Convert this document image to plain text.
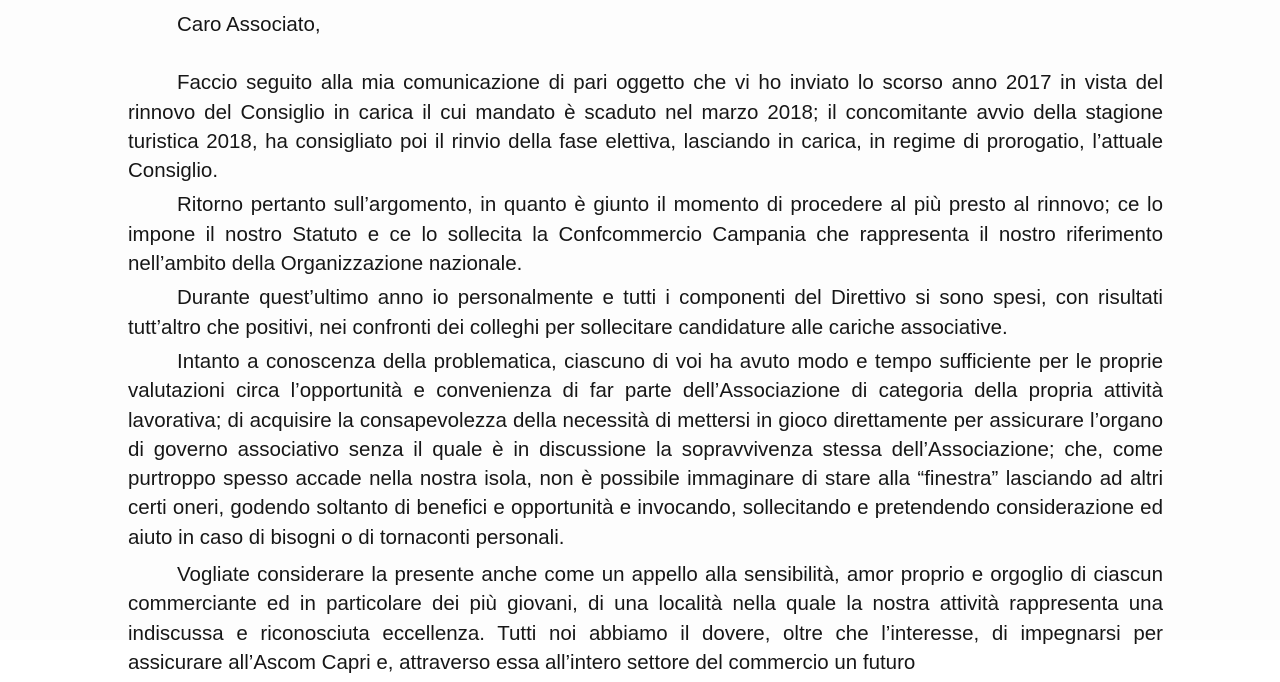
Caro Associato,

Faccio seguito alla mia comunicazione di pari oggetto che vi ho inviato lo scorso anno 2017 in vista del rinnovo del Consiglio in carica il cui mandato è scaduto nel marzo 2018; il concomitante avvio della stagione turistica 2018, ha consigliato poi il rinvio della fase elettiva, lasciando in carica, in regime di prorogatio, l’attuale Consiglio.

Ritorno pertanto sull’argomento, in quanto è giunto il momento di procedere al più presto al rinnovo; ce lo impone il nostro Statuto e ce lo sollecita la Confcommercio Campania che rappresenta il nostro riferimento nell’ambito della Organizzazione nazionale.

Durante quest’ultimo anno io personalmente e tutti i componenti del Direttivo si sono spesi, con risultati tutt’altro che positivi, nei confronti dei colleghi per sollecitare candidature alle cariche associative.

Intanto a conoscenza della problematica, ciascuno di voi ha avuto modo e tempo sufficiente per le proprie valutazioni circa l’opportunità e convenienza di far parte dell’Associazione di categoria della propria attività lavorativa; di acquisire la consapevolezza della necessità di mettersi in gioco direttamente per assicurare l’organo di governo associativo senza il quale è in discussione la sopravvivenza stessa dell’Associazione; che, come purtroppo spesso accade nella nostra isola, non è possibile immaginare di stare alla “finestra” lasciando ad altri certi oneri, godendo soltanto di benefici e opportunità e invocando, sollecitando e pretendendo considerazione ed aiuto in caso di bisogni o di tornaconti personali.

Vogliate considerare la presente anche come un appello alla sensibilità, amor proprio e orgoglio di ciascun commerciante ed in particolare dei più giovani, di una località nella quale la nostra attività rappresenta una indiscussa e riconosciuta eccellenza. Tutti noi abbiamo il dovere, oltre che l’interesse, di impegnarsi per assicurare all’Ascom Capri e, attraverso essa all’intero settore del commercio un futuro
